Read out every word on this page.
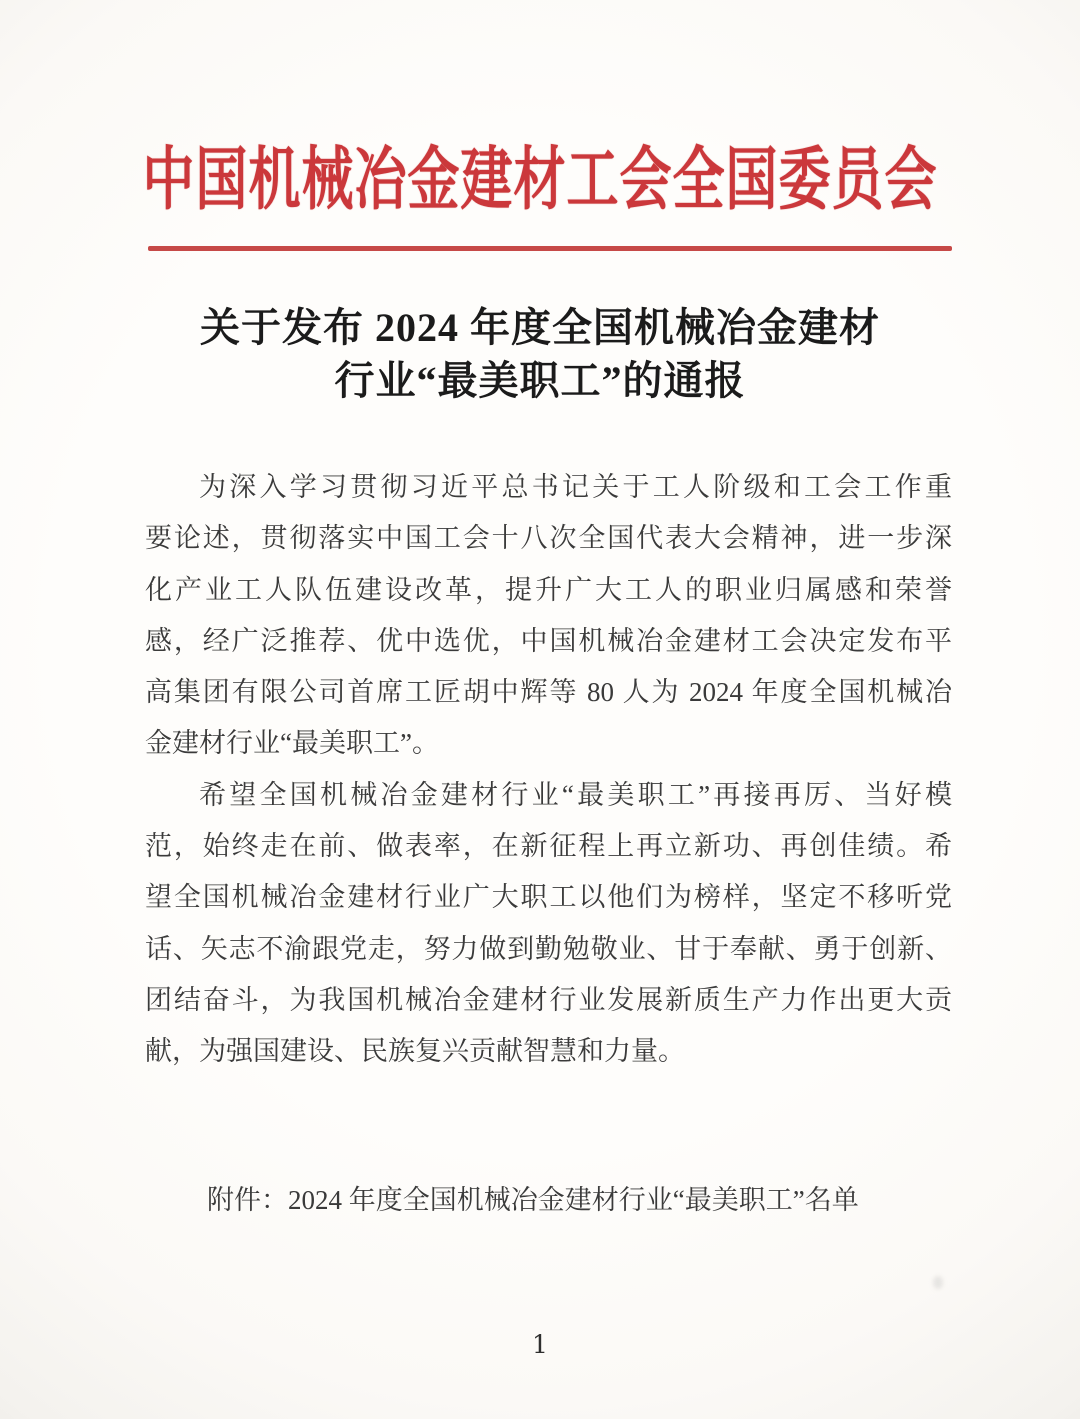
中国机械冶金建材工会全国委员会
关于发布 2024 年度全国机械冶金建材
行业“最美职工”的通报
为深入学习贯彻习近平总书记关于工人阶级和工会工作重
要论述，贯彻落实中国工会十八次全国代表大会精神，进一步深
化产业工人队伍建设改革，提升广大工人的职业归属感和荣誉
感，经广泛推荐、优中选优，中国机械冶金建材工会决定发布平
高集团有限公司首席工匠胡中辉等 80 人为 2024 年度全国机械冶
金建材行业“最美职工”。
希望全国机械冶金建材行业“最美职工”再接再厉、当好模
范，始终走在前、做表率，在新征程上再立新功、再创佳绩。希
望全国机械冶金建材行业广大职工以他们为榜样，坚定不移听党
话、矢志不渝跟党走，努力做到勤勉敬业、甘于奉献、勇于创新、
团结奋斗，为我国机械冶金建材行业发展新质生产力作出更大贡
献，为强国建设、民族复兴贡献智慧和力量。
附件：2024 年度全国机械冶金建材行业“最美职工”名单
1
